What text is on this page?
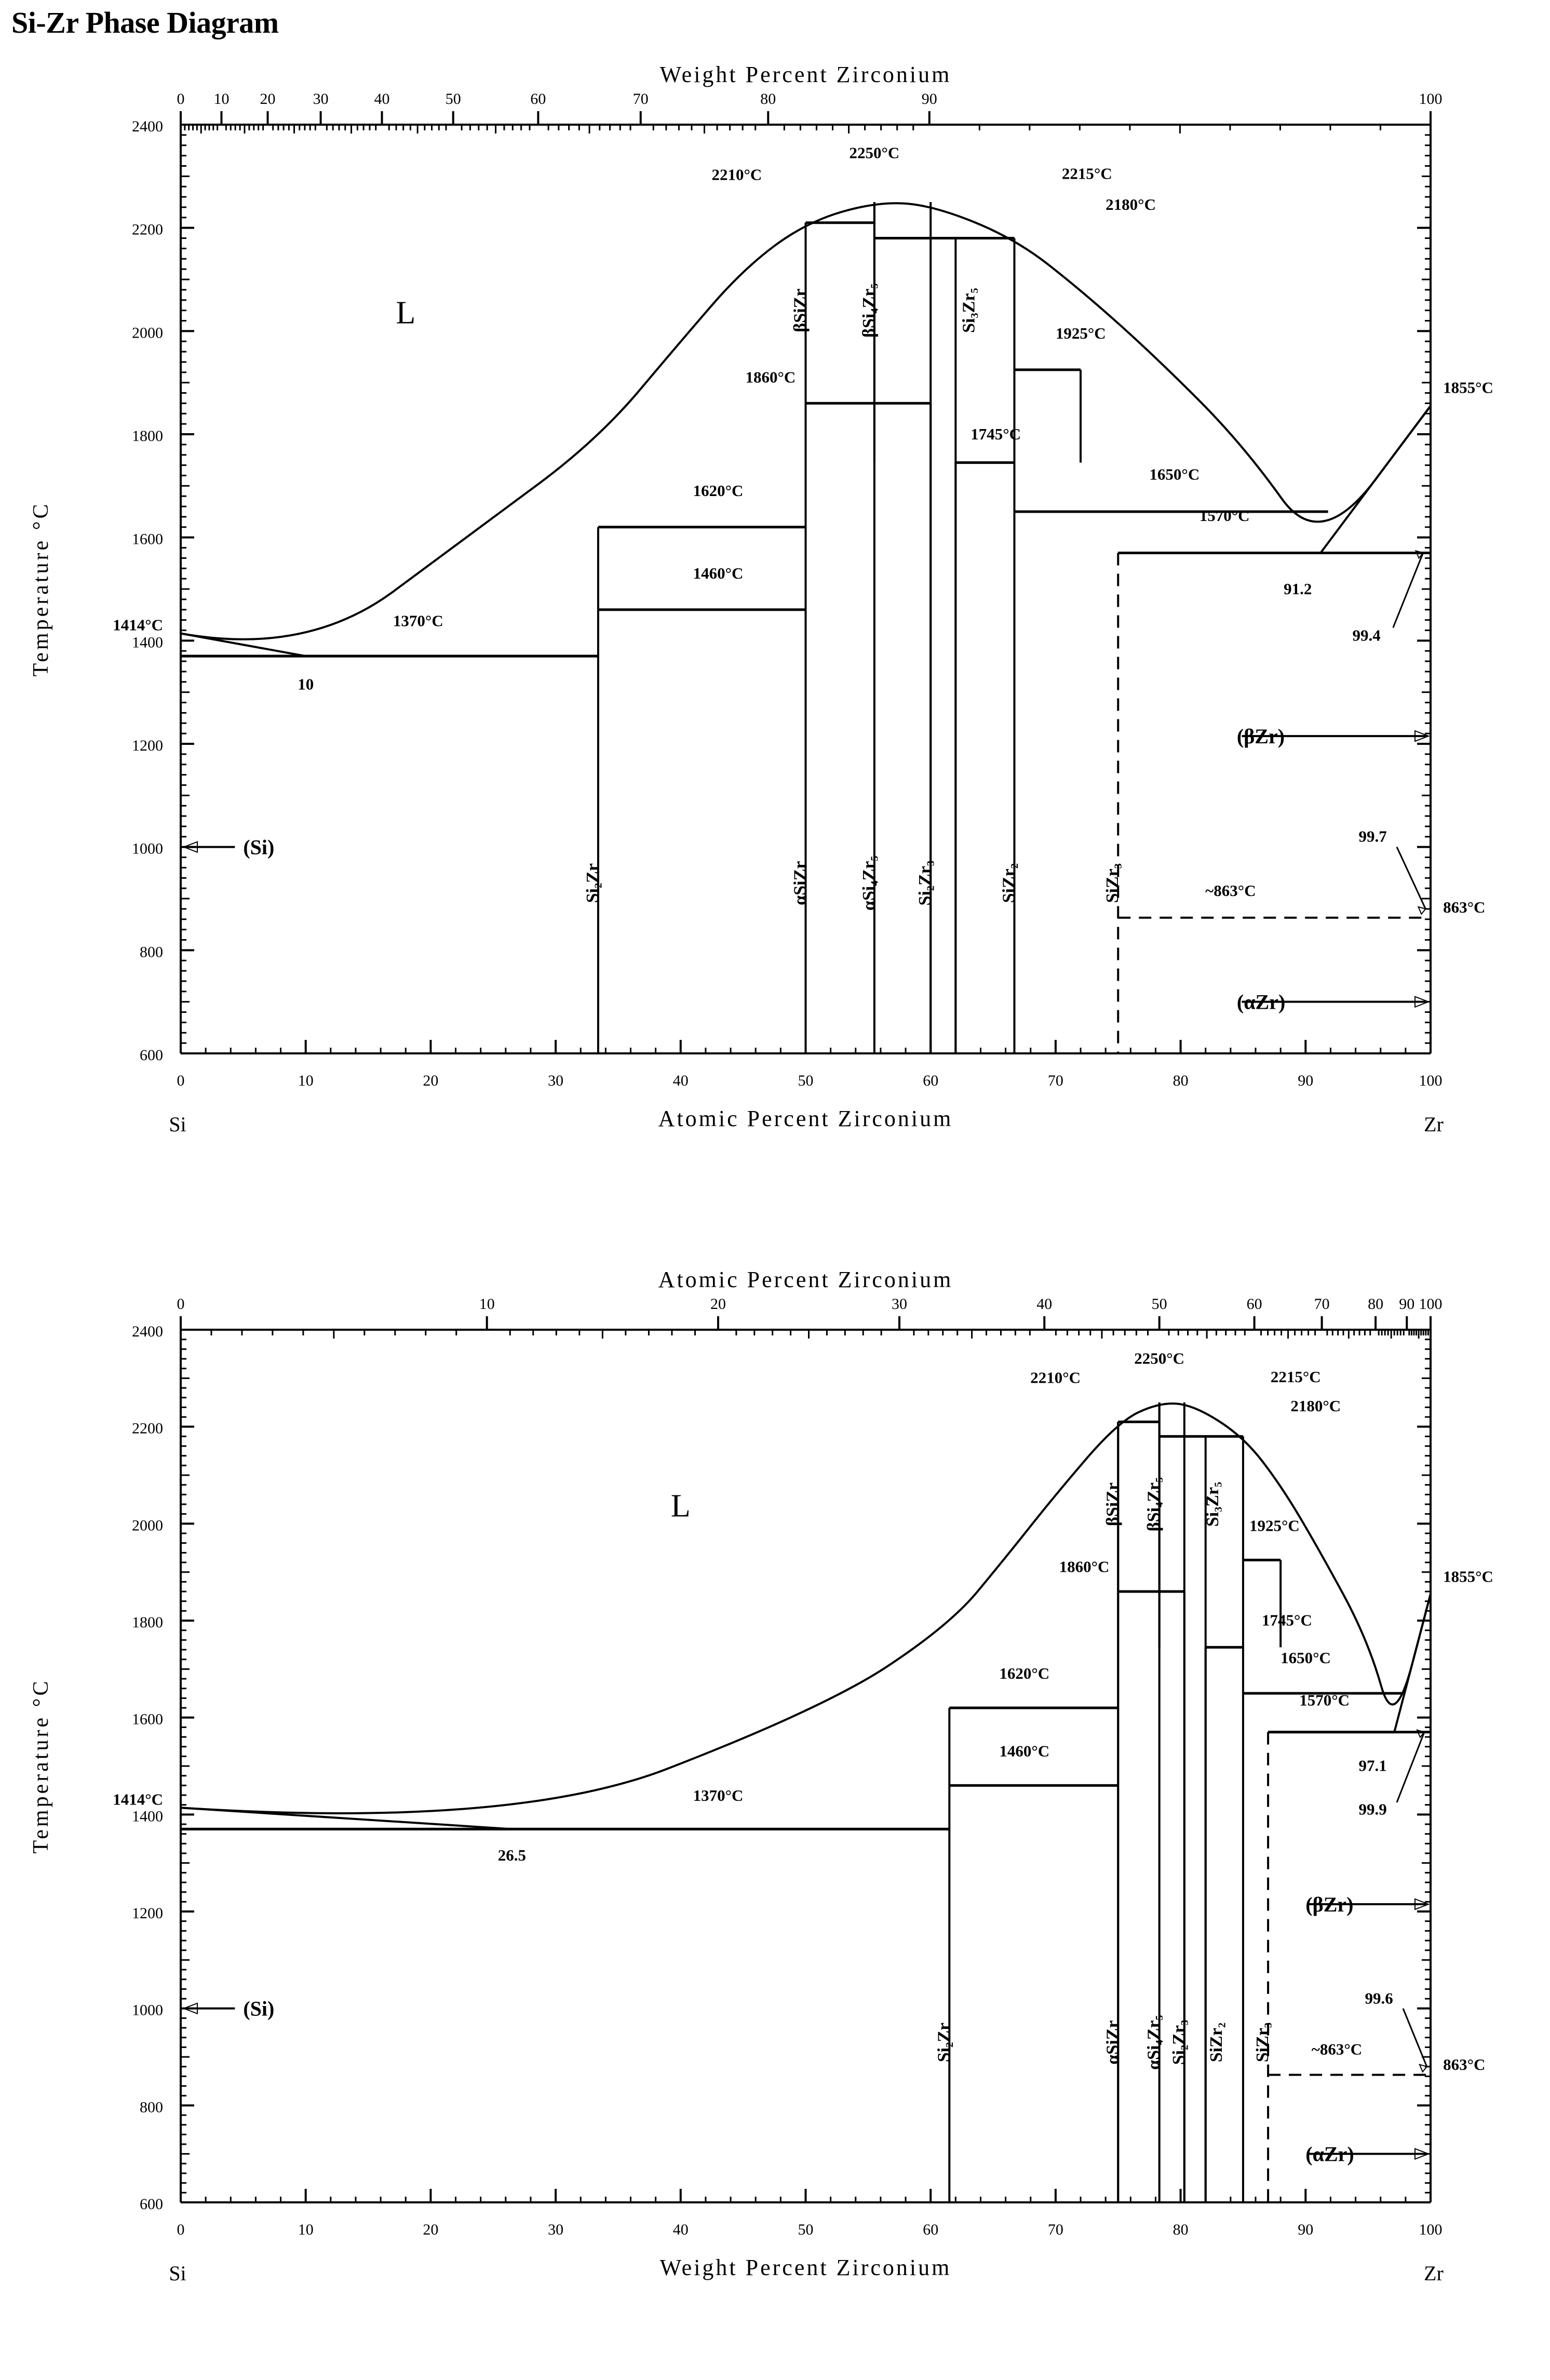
Si-Zr Phase Diagram
2400
2200
2000
1800
1600
1400
1200
1000
800
600
1414°C
Temperature °C
0	10	20	30	40	50	60	70	80	90	100
Atomic Percent Zirconium
Si	Zr
0 10 20 30	40	50	60	70	80	90	100
Weight Percent Zirconium
2210°C
2250°C
2215°C
2180°C
1925°C
1860°C
1745°C
1650°C
1620°C
1570°C
1460°C
1370°C
1855°C
~863°C
863°C
10
91.2
99.4
99.7
βSiZr	βSi₄Zr₅	Si₃Zr₅
Si₂Zr	αSiZr	αSi₄Zr₅ Si₂Zr₃	SiZr₂	SiZr₃
L
(Si)
(βZr)
(αZr)
2400
2200
2000
1800
1600
1400
1200
1000
800
600
1414°C
Temperature °C
0	10	20	30	40	50	60	70	80	90	100
Weight Percent Zirconium
Si	Zr
0	10	20	30	40	50	60	70 80 90 100
Atomic Percent Zirconium
2210°C
2250°C
2215°C
2180°C
1925°C
1860°C
1745°C
1650°C
1620°C
1570°C
1460°C
1370°C
1855°C
~863°C
863°C
26.5
97.1
99.9
99.6
βSiZr βSi₄Zr₅ Si₃Zr₅
Si₂Zr	αSiZr αSi₄Zr₅ Si₂Zr₃ SiZr₂ SiZr₃
L
(Si)
(βZr)
(αZr)
